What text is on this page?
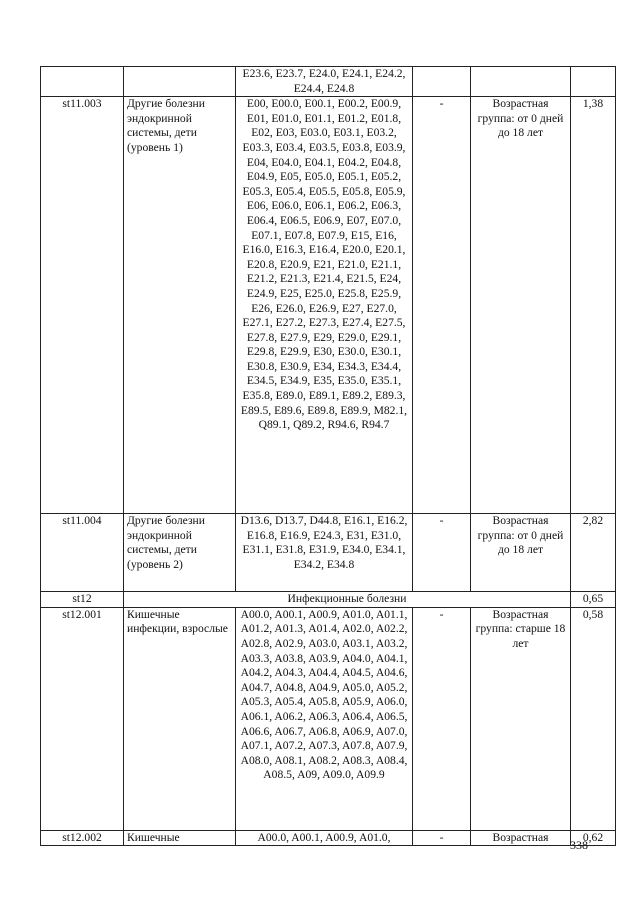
		E23.6, E23.7, E24.0, E24.1, E24.2, E24.4, E24.8			
st11.003	Другие болезни эндокринной системы, дети (уровень 1)	E00, E00.0, E00.1, E00.2, E00.9, E01, E01.0, E01.1, E01.2, E01.8, E02, E03, E03.0, E03.1, E03.2, E03.3, E03.4, E03.5, E03.8, E03.9, E04, E04.0, E04.1, E04.2, E04.8, E04.9, E05, E05.0, E05.1, E05.2, E05.3, E05.4, E05.5, E05.8, E05.9, E06, E06.0, E06.1, E06.2, E06.3, E06.4, E06.5, E06.9, E07, E07.0, E07.1, E07.8, E07.9, E15, E16, E16.0, E16.3, E16.4, E20.0, E20.1, E20.8, E20.9, E21, E21.0, E21.1, E21.2, E21.3, E21.4, E21.5, E24, E24.9, E25, E25.0, E25.8, E25.9, E26, E26.0, E26.9, E27, E27.0, E27.1, E27.2, E27.3, E27.4, E27.5, E27.8, E27.9, E29, E29.0, E29.1, E29.8, E29.9, E30, E30.0, E30.1, E30.8, E30.9, E34, E34.3, E34.4, E34.5, E34.9, E35, E35.0, E35.1, E35.8, E89.0, E89.1, E89.2, E89.3, E89.5, E89.6, E89.8, E89.9, M82.1, Q89.1, Q89.2, R94.6, R94.7	-	Возрастная группа: от 0 дней до 18 лет	1,38
st11.004	Другие болезни эндокринной системы, дети (уровень 2)	D13.6, D13.7, D44.8, E16.1, E16.2, E16.8, E16.9, E24.3, E31, E31.0, E31.1, E31.8, E31.9, E34.0, E34.1, E34.2, E34.8	-	Возрастная группа: от 0 дней до 18 лет	2,82
st12	Инфекционные болезни				0,65
st12.001	Кишечные инфекции, взрослые	A00.0, A00.1, A00.9, A01.0, A01.1, A01.2, A01.3, A01.4, A02.0, A02.2, A02.8, A02.9, A03.0, A03.1, A03.2, A03.3, A03.8, A03.9, A04.0, A04.1, A04.2, A04.3, A04.4, A04.5, A04.6, A04.7, A04.8, A04.9, A05.0, A05.2, A05.3, A05.4, A05.8, A05.9, A06.0, A06.1, A06.2, A06.3, A06.4, A06.5, A06.6, A06.7, A06.8, A06.9, A07.0, A07.1, A07.2, A07.3, A07.8, A07.9, A08.0, A08.1, A08.2, A08.3, A08.4, A08.5, A09, A09.0, A09.9	-	Возрастная группа: старше 18 лет	0,58
st12.002	Кишечные	A00.0, A00.1, A00.9, A01.0,	-	Возрастная	0,62
338
